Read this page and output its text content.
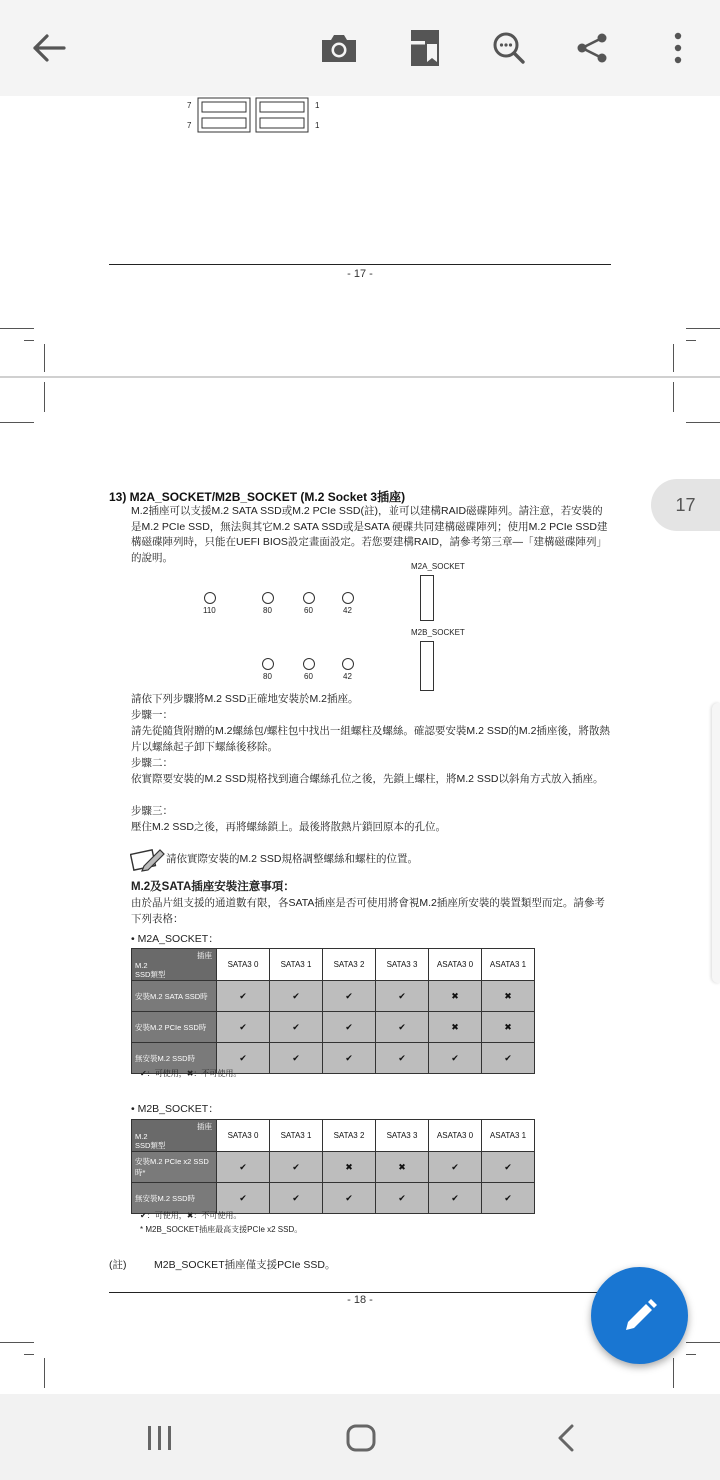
7
7
1
1
- 17 -
13) M2A_SOCKET/M2B_SOCKET (M.2 Socket 3插座)
M.2插座可以支援M.2 SATA SSD或M.2 PCIe SSD(註)，並可以建構RAID磁碟陣列。請注意，若安裝的是M.2 PCIe SSD，無法與其它M.2 SATA SSD或是SATA 硬碟共同建構磁碟陣列；使用M.2 PCIe SSD建構磁碟陣列時，只能在UEFI BIOS設定畫面設定。若您要建構RAID，請參考第三章—「建構磁碟陣列」的說明。
M2A_SOCKET
M2B_SOCKET
110	80	60	42
80	60	42
請依下列步驟將M.2 SSD正確地安裝於M.2插座。
步驟一：
請先從隨貨附贈的M.2螺絲包/螺柱包中找出一組螺柱及螺絲。確認要安裝M.2 SSD的M.2插座後，將散熱片以螺絲起子卸下螺絲後移除。
步驟二：
依實際要安裝的M.2 SSD規格找到適合螺絲孔位之後，先鎖上螺柱，將M.2 SSD以斜角方式放入插座。
步驟三：
壓住M.2 SSD之後，再將螺絲鎖上。最後將散熱片鎖回原本的孔位。
請依實際安裝的M.2 SSD規格調整螺絲和螺柱的位置。
M.2及SATA插座安裝注意事項：
由於晶片組支援的通道數有限，各SATA插座是否可使用將會視M.2插座所安裝的裝置類型而定。請參考下列表格：
• M2A_SOCKET：
插座
M.2
SSD類型	SATA3 0	SATA3 1	SATA3 2	SATA3 3	ASATA3 0	ASATA3 1
安裝M.2 SATA SSD時	✔	✔	✔	✔	✖	✖
安裝M.2 PCIe SSD時	✔	✔	✔	✔	✖	✖
無安裝M.2 SSD時	✔	✔	✔	✔	✔	✔
✔：可使用，✖：不可使用。
• M2B_SOCKET：
插座
M.2
SSD類型	SATA3 0	SATA3 1	SATA3 2	SATA3 3	ASATA3 0	ASATA3 1
安裝M.2 PCIe x2 SSD時*	✔	✔	✖	✖	✔	✔
無安裝M.2 SSD時	✔	✔	✔	✔	✔	✔
✔：可使用，✖：不可使用。
* M2B_SOCKET插座最高支援PCIe x2 SSD。
(註)	M2B_SOCKET插座僅支援PCIe SSD。
- 18 -
17
